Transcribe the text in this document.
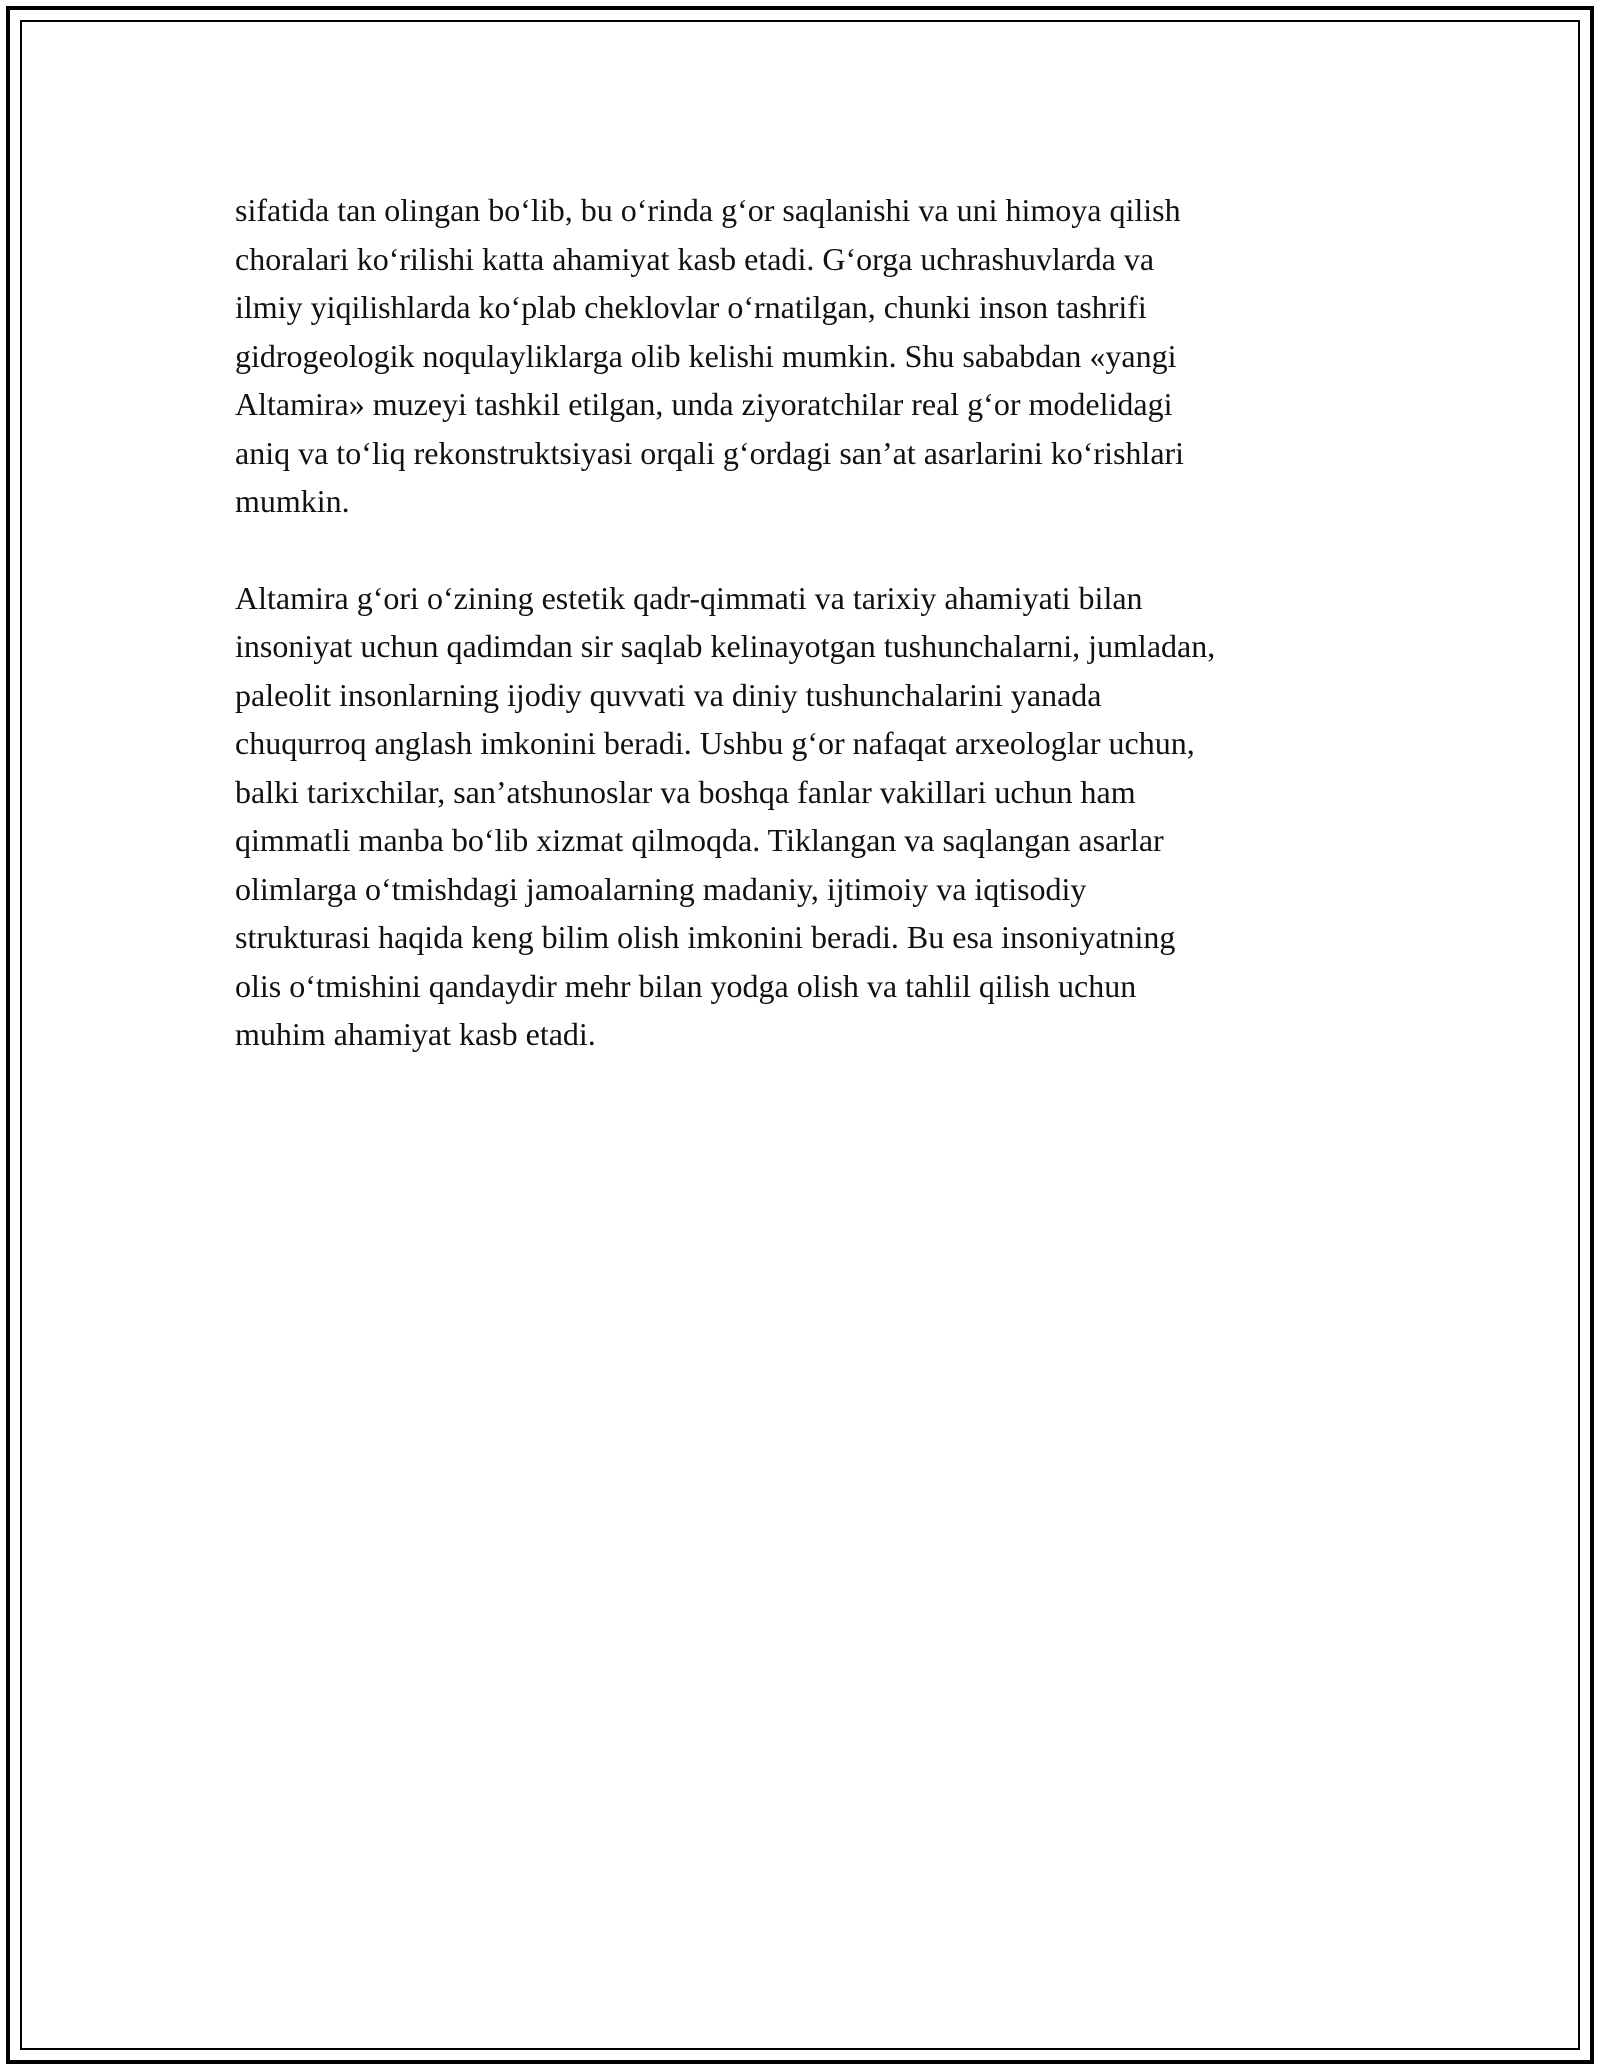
sifatida tan olingan bo‘lib, bu o‘rinda g‘or saqlanishi va uni himoya qilish
choralari ko‘rilishi katta ahamiyat kasb etadi. G‘orga uchrashuvlarda va
ilmiy yiqilishlarda ko‘plab cheklovlar o‘rnatilgan, chunki inson tashrifi
gidrogeologik noqulayliklarga olib kelishi mumkin. Shu sababdan «yangi
Altamira» muzeyi tashkil etilgan, unda ziyoratchilar real g‘or modelidagi
aniq va to‘liq rekonstruktsiyasi orqali g‘ordagi san’at asarlarini ko‘rishlari
mumkin.

Altamira g‘ori o‘zining estetik qadr-qimmati va tarixiy ahamiyati bilan
insoniyat uchun qadimdan sir saqlab kelinayotgan tushunchalarni, jumladan,
paleolit insonlarning ijodiy quvvati va diniy tushunchalarini yanada
chuqurroq anglash imkonini beradi. Ushbu g‘or nafaqat arxeologlar uchun,
balki tarixchilar, san’atshunoslar va boshqa fanlar vakillari uchun ham
qimmatli manba bo‘lib xizmat qilmoqda. Tiklangan va saqlangan asarlar
olimlarga o‘tmishdagi jamoalarning madaniy, ijtimoiy va iqtisodiy
strukturasi haqida keng bilim olish imkonini beradi. Bu esa insoniyatning
olis o‘tmishini qandaydir mehr bilan yodga olish va tahlil qilish uchun
muhim ahamiyat kasb etadi.
